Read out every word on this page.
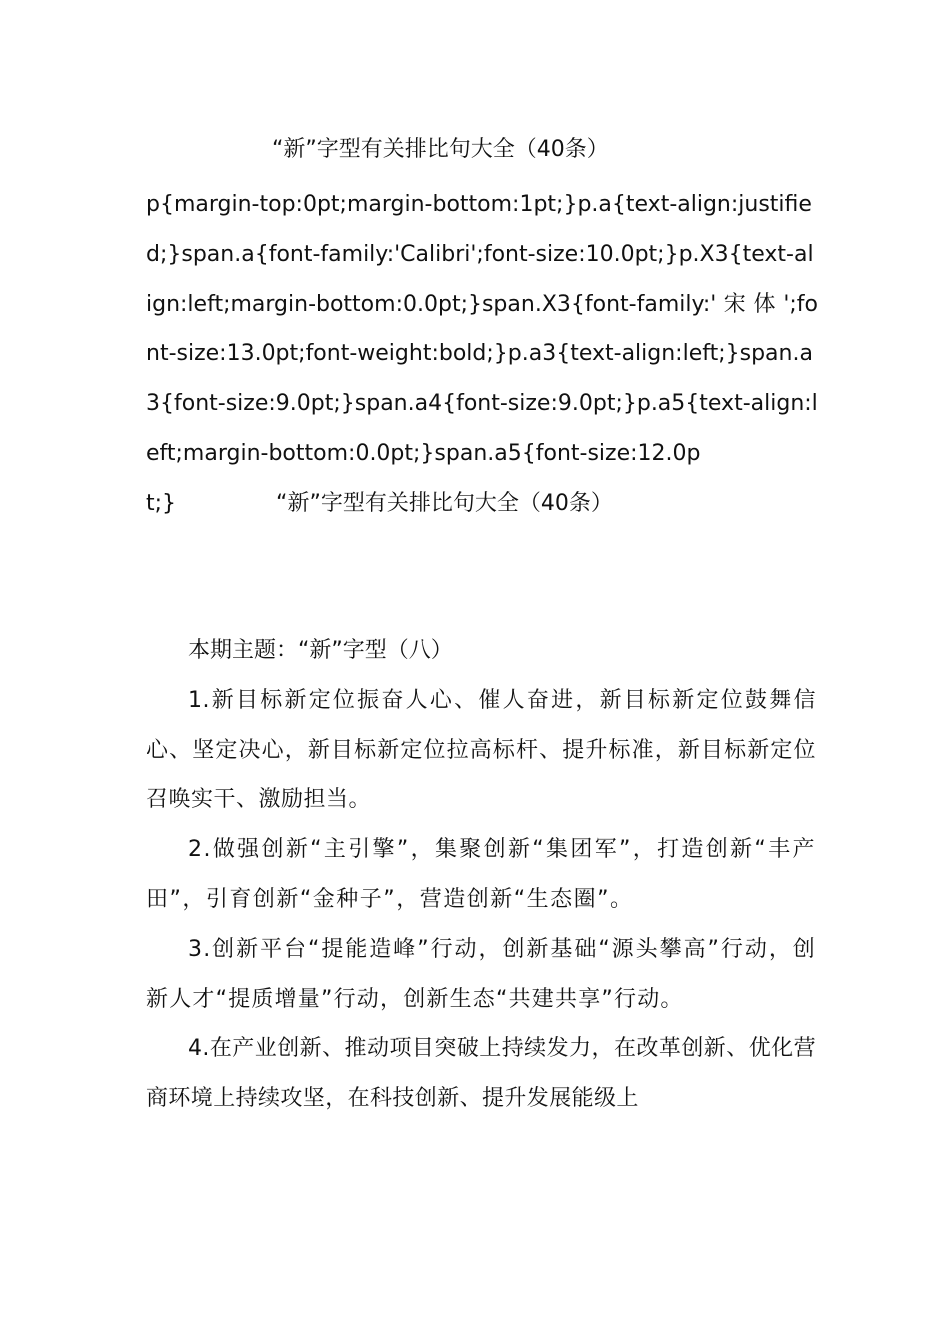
“新”字型有关排比句大全（40条）
p{margin-top:0pt;margin-bottom:1pt;}p.a{text-align:justified;}span.a{font-family:'Calibri';font-size:10.0pt;}p.X3{text-align:left;margin-bottom:0.0pt;}span.X3{font-family:' 宋 体 ';font-size:13.0pt;font-weight:bold;}p.a3{text-align:left;}span.a3{font-size:9.0pt;}span.a4{font-size:9.0pt;}p.a5{text-align:left;margin-bottom:0.0pt;}span.a5{font-size:12.0pt;}	“新”字型有关排比句大全（40条）

本期主题：“新”字型（八）

1.新目标新定位振奋人心、催人奋进，新目标新定位鼓舞信心、坚定决心，新目标新定位拉高标杆、提升标准，新目标新定位召唤实干、激励担当。

2.做强创新“主引擎”，集聚创新“集团军”，打造创新“丰产田”，引育创新“金种子”，营造创新“生态圈”。

3.创新平台“提能造峰”行动，创新基础“源头攀高”行动，创新人才“提质增量”行动，创新生态“共建共享”行动。

4.在产业创新、推动项目突破上持续发力，在改革创新、优化营商环境上持续攻坚，在科技创新、提升发展能级上
